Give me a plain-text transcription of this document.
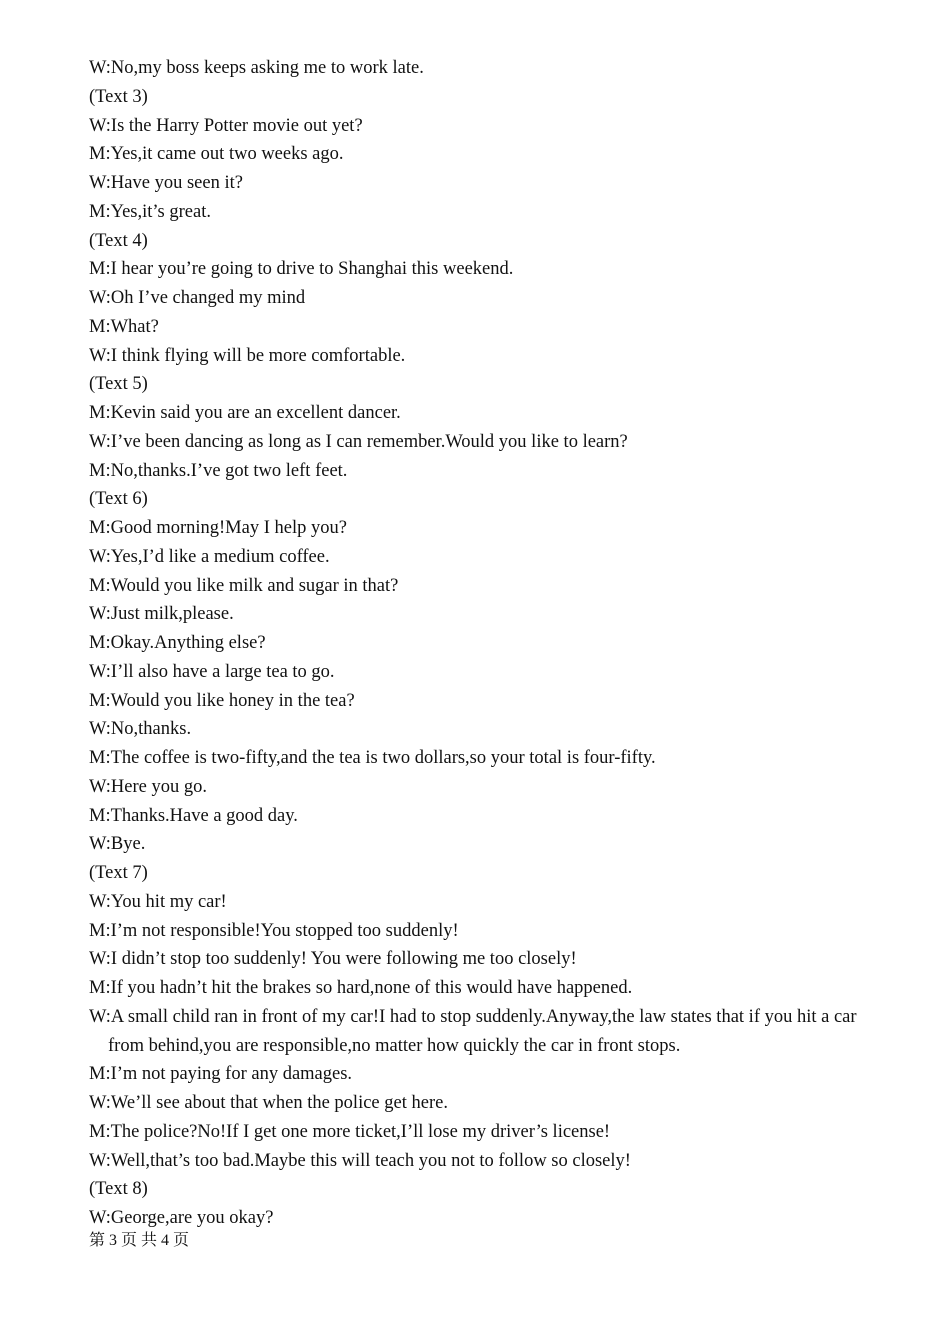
W:No,my boss keeps asking me to work late.
(Text 3)
W:Is the Harry Potter movie out yet?
M:Yes,it came out two weeks ago.
W:Have you seen it?
M:Yes,it’s great.
(Text 4)
M:I hear you’re going to drive to Shanghai this weekend.
W:Oh I’ve changed my mind
M:What?
W:I think flying will be more comfortable.
(Text 5)
M:Kevin said you are an excellent dancer.
W:I’ve been dancing as long as I can remember.Would you like to learn?
M:No,thanks.I’ve got two left feet.
(Text 6)
M:Good morning!May I help you?
W:Yes,I’d like a medium coffee.
M:Would you like milk and sugar in that?
W:Just milk,please.
M:Okay.Anything else?
W:I’ll also have a large tea to go.
M:Would you like honey in the tea?
W:No,thanks.
M:The coffee is two-fifty,and the tea is two dollars,so your total is four-fifty.
W:Here you go.
M:Thanks.Have a good day.
W:Bye.
(Text 7)
W:You hit my car!
M:I’m not responsible!You stopped too suddenly!
W:I didn’t stop too suddenly! You were following me too closely!
M:If you hadn’t hit the brakes so hard,none of this would have happened.
W:A small child ran in front of my car!I had to stop suddenly.Anyway,the law states that if you hit a car from behind,you are responsible,no matter how quickly the car in front stops.
M:I’m not paying for any damages.
W:We’ll see about that when the police get here.
M:The police?No!If I get one more ticket,I’ll lose my driver’s license!
W:Well,that’s too bad.Maybe this will teach you not to follow so closely!
(Text 8)
W:George,are you okay?
第 3 页 共 4 页
